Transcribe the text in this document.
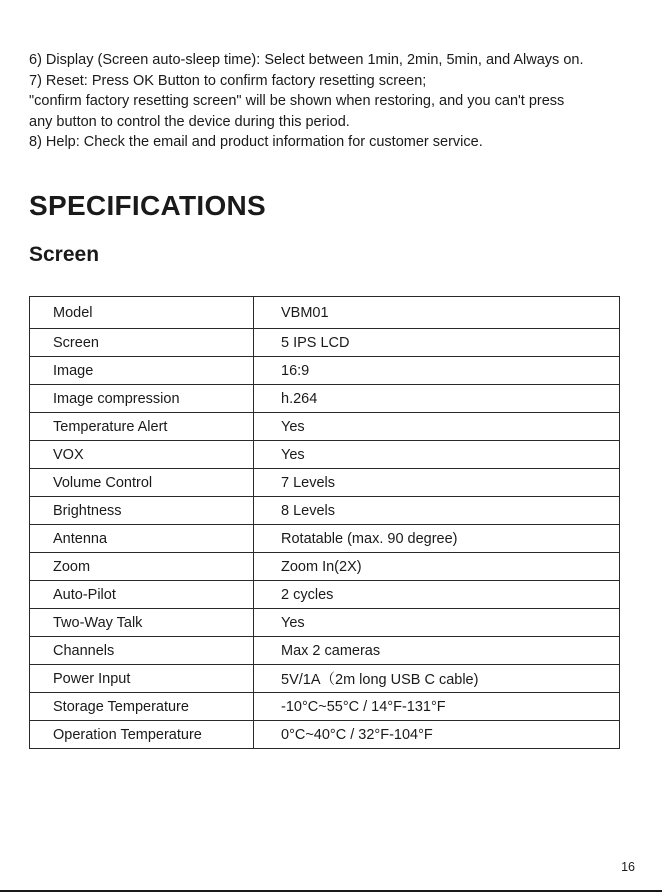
6) Display (Screen auto-sleep time): Select between 1min, 2min, 5min, and Always on.

7) Reset: Press OK Button to confirm factory resetting screen;

"confirm factory resetting screen" will be shown when restoring, and you can't press

any button to control the device during this period.

8) Help: Check the email and product information for customer service.

SPECIFICATIONS
Screen
Model	VBM01
Screen	5 IPS LCD
Image	16:9
Image compression	h.264
Temperature Alert	Yes
VOX	Yes
Volume Control	7 Levels
Brightness	8 Levels
Antenna	Rotatable (max. 90 degree)
Zoom	Zoom In(2X)
Auto-Pilot	2 cycles
Two-Way Talk	Yes
Channels	Max 2 cameras
Power Input	5V/1A（2m long USB C cable)
Storage Temperature	-10°C~55°C / 14°F-131°F
Operation Temperature	0°C~40°C / 32°F-104°F
16
